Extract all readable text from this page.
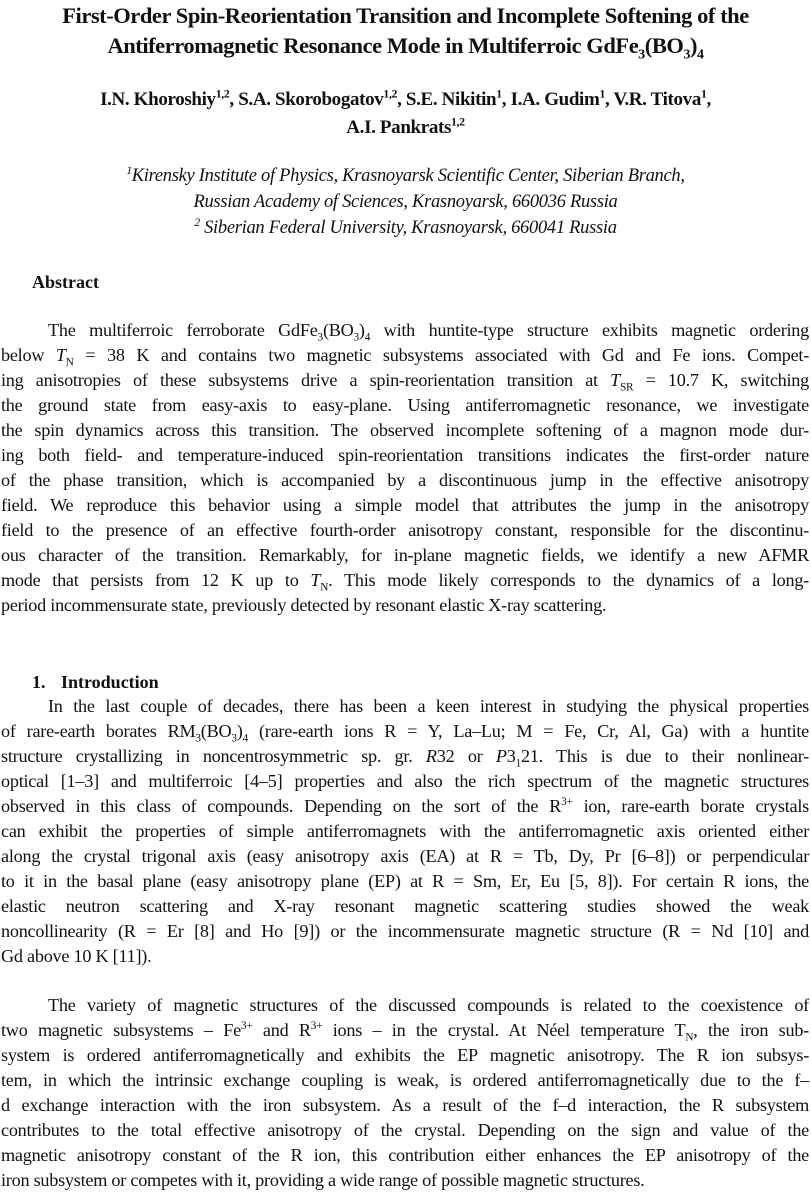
First-Order Spin-Reorientation Transition and Incomplete Softening of the
Antiferromagnetic Resonance Mode in Multiferroic $GdFe_3(BO_3)_4$
I.N. Khoroshiy$^{1,2}$, S.A. Skorobogatov$^{1,2}$, S.E. Nikitin$^1$, I.A. Gudim$^1$, V.R. Titova$^1$,
A.I. Pankrats$^{1,2}$
$^1$Kirensky Institute of Physics, Krasnoyarsk Scientific Center, Siberian Branch,
Russian Academy of Sciences, Krasnoyarsk, 660036 Russia
$^2$ Siberian Federal University, Krasnoyarsk, 660041 Russia
Abstract
The multiferroic ferroborate $GdFe_3(BO_3)_4$ with huntite-type structure exhibits magnetic ordering
below $T_N = 38$ K and contains two magnetic subsystems associated with Gd and Fe ions. Compet-
ing anisotropies of these subsystems drive a spin-reorientation transition at $T_{SR} = 10.7$ K, switching
the ground state from easy-axis to easy-plane. Using antiferromagnetic resonance, we investigate
the spin dynamics across this transition. The observed incomplete softening of a magnon mode dur-
ing both field- and temperature-induced spin-reorientation transitions indicates the first-order nature
of the phase transition, which is accompanied by a discontinuous jump in the effective anisotropy
field. We reproduce this behavior using a simple model that attributes the jump in the anisotropy
field to the presence of an effective fourth-order anisotropy constant, responsible for the discontinu-
ous character of the transition. Remarkably, for in-plane magnetic fields, we identify a new AFMR
mode that persists from 12 K up to $T_N$. This mode likely corresponds to the dynamics of a long-
period incommensurate state, previously detected by resonant elastic X-ray scattering.
1. Introduction
In the last couple of decades, there has been a keen interest in studying the physical properties
of rare-earth borates $RM_3(BO_3)_4$ (rare-earth ions R = Y, La–Lu; M = Fe, Cr, Al, Ga) with a huntite
structure crystallizing in noncentrosymmetric sp. gr. R32 or $P3_121$. This is due to their nonlinear-
optical [1–3] and multiferroic [4–5] properties and also the rich spectrum of the magnetic structures
observed in this class of compounds. Depending on the sort of the $R^{3+}$ ion, rare-earth borate crystals
can exhibit the properties of simple antiferromagnets with the antiferromagnetic axis oriented either
along the crystal trigonal axis (easy anisotropy axis (EA) at R = Tb, Dy, Pr [6–8]) or perpendicular
to it in the basal plane (easy anisotropy plane (EP) at R = Sm, Er, Eu [5, 8]). For certain R ions, the
elastic neutron scattering and X-ray resonant magnetic scattering studies showed the weak
noncollinearity (R = Er [8] and Ho [9]) or the incommensurate magnetic structure (R = Nd [10] and
Gd above 10 K [11]).
The variety of magnetic structures of the discussed compounds is related to the coexistence of
two magnetic subsystems – $Fe^{3+}$ and $R^{3+}$ ions – in the crystal. At Néel temperature $T_N$, the iron sub-
system is ordered antiferromagnetically and exhibits the EP magnetic anisotropy. The R ion subsys-
tem, in which the intrinsic exchange coupling is weak, is ordered antiferromagnetically due to the f–
d exchange interaction with the iron subsystem. As a result of the f–d interaction, the R subsystem
contributes to the total effective anisotropy of the crystal. Depending on the sign and value of the
magnetic anisotropy constant of the R ion, this contribution either enhances the EP anisotropy of the
iron subsystem or competes with it, providing a wide range of possible magnetic structures.
